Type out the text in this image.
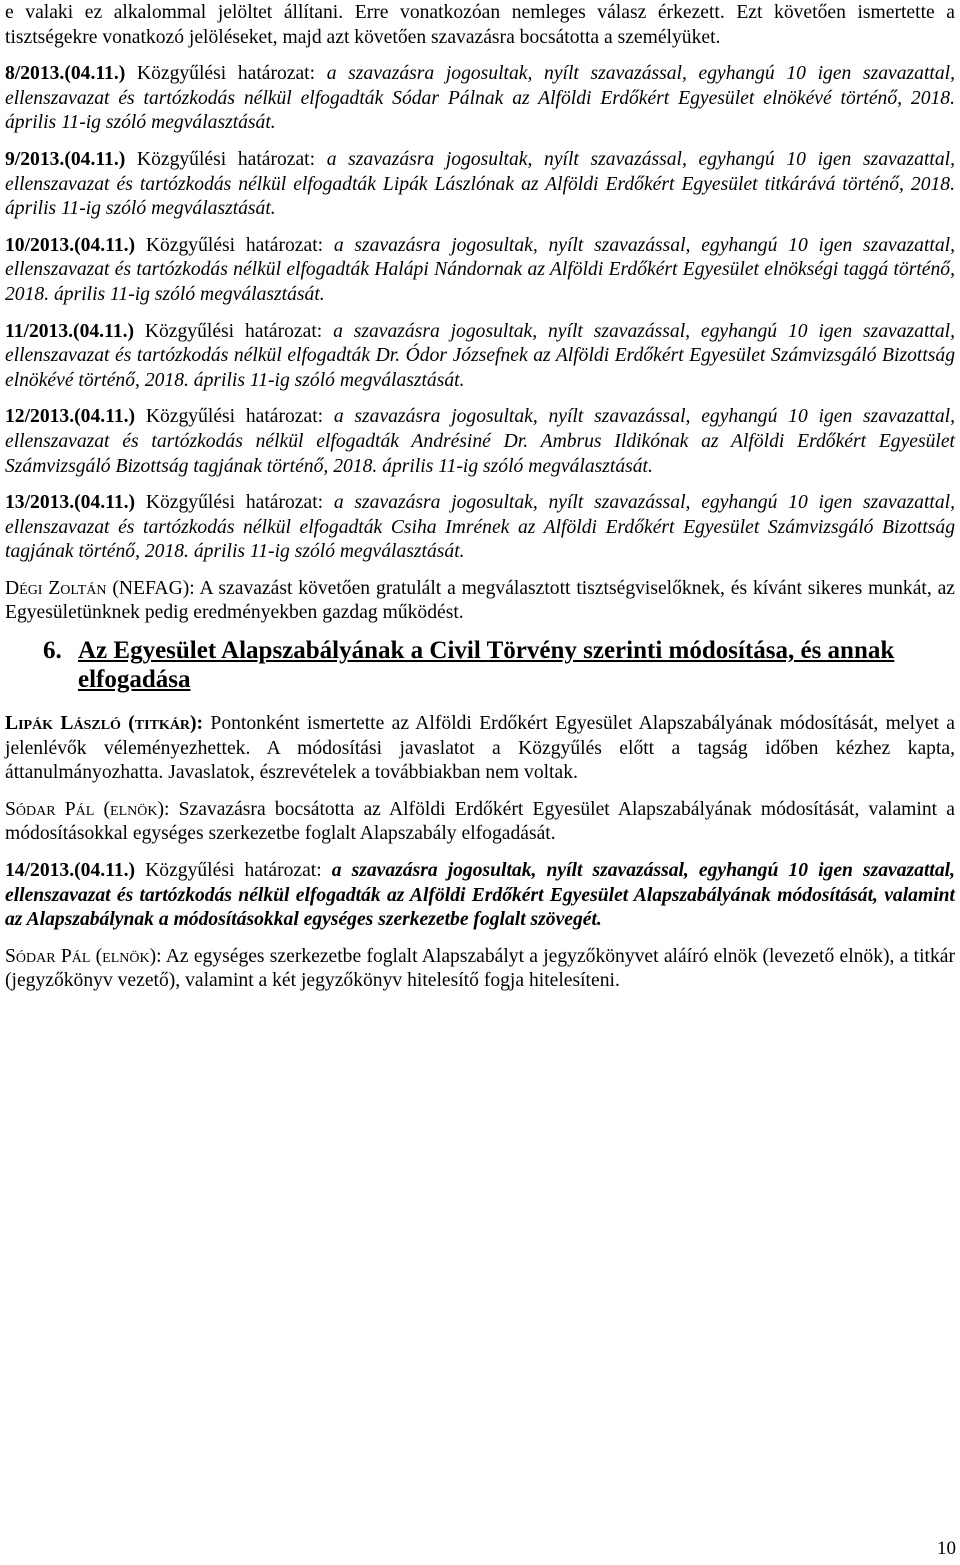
e valaki ez alkalommal jelöltet állítani. Erre vonatkozóan nemleges válasz érkezett. Ezt követően ismertette a tisztségekre vonatkozó jelöléseket, majd azt követően szavazásra bocsátotta a személyüket.

8/2013.(04.11.) Közgyűlési határozat: a szavazásra jogosultak, nyílt szavazással, egyhangú 10 igen szavazattal, ellenszavazat és tartózkodás nélkül elfogadták Sódar Pálnak az Alföldi Erdőkért Egyesület elnökévé történő, 2018. április 11-ig szóló megválasztását.

9/2013.(04.11.) Közgyűlési határozat: a szavazásra jogosultak, nyílt szavazással, egyhangú 10 igen szavazattal, ellenszavazat és tartózkodás nélkül elfogadták Lipák Lászlónak az Alföldi Erdőkért Egyesület titkárává történő, 2018. április 11-ig szóló megválasztását.

10/2013.(04.11.) Közgyűlési határozat: a szavazásra jogosultak, nyílt szavazással, egyhangú 10 igen szavazattal, ellenszavazat és tartózkodás nélkül elfogadták Halápi Nándornak az Alföldi Erdőkért Egyesület elnökségi taggá történő, 2018. április 11-ig szóló megválasztását.

11/2013.(04.11.) Közgyűlési határozat: a szavazásra jogosultak, nyílt szavazással, egyhangú 10 igen szavazattal, ellenszavazat és tartózkodás nélkül elfogadták Dr. Ódor Józsefnek az Alföldi Erdőkért Egyesület Számvizsgáló Bizottság elnökévé történő, 2018. április 11-ig szóló megválasztását.

12/2013.(04.11.) Közgyűlési határozat: a szavazásra jogosultak, nyílt szavazással, egyhangú 10 igen szavazattal, ellenszavazat és tartózkodás nélkül elfogadták Andrésiné Dr. Ambrus Ildikónak az Alföldi Erdőkért Egyesület Számvizsgáló Bizottság tagjának történő, 2018. április 11-ig szóló megválasztását.

13/2013.(04.11.) Közgyűlési határozat: a szavazásra jogosultak, nyílt szavazással, egyhangú 10 igen szavazattal, ellenszavazat és tartózkodás nélkül elfogadták Csiha Imrének az Alföldi Erdőkért Egyesület Számvizsgáló Bizottság tagjának történő, 2018. április 11-ig szóló megválasztását.

Dégi Zoltán (NEFAG): A szavazást követően gratulált a megválasztott tisztségviselőknek, és kívánt sikeres munkát, az Egyesületünknek pedig eredményekben gazdag működést.

6. Az Egyesület Alapszabályának a Civil Törvény szerinti módosítása, és annak elfogadása

Lipák László (titkár): Pontonként ismertette az Alföldi Erdőkért Egyesület Alapszabályának módosítását, melyet a jelenlévők véleményezhettek. A módosítási javaslatot a Közgyűlés előtt a tagság időben kézhez kapta, áttanulmányozhatta. Javaslatok, észrevételek a továbbiakban nem voltak.

Sódar Pál (elnök): Szavazásra bocsátotta az Alföldi Erdőkért Egyesület Alapszabályának módosítását, valamint a módosításokkal egységes szerkezetbe foglalt Alapszabály elfogadását.

14/2013.(04.11.) Közgyűlési határozat: a szavazásra jogosultak, nyílt szavazással, egyhangú 10 igen szavazattal, ellenszavazat és tartózkodás nélkül elfogadták az Alföldi Erdőkért Egyesület Alapszabályának módosítását, valamint az Alapszabálynak a módosításokkal egységes szerkezetbe foglalt szövegét.

Sódar Pál (elnök): Az egységes szerkezetbe foglalt Alapszabályt a jegyzőkönyvet aláíró elnök (levezető elnök), a titkár (jegyzőkönyv vezető), valamint a két jegyzőkönyv hitelesítő fogja hitelesíteni.

10
